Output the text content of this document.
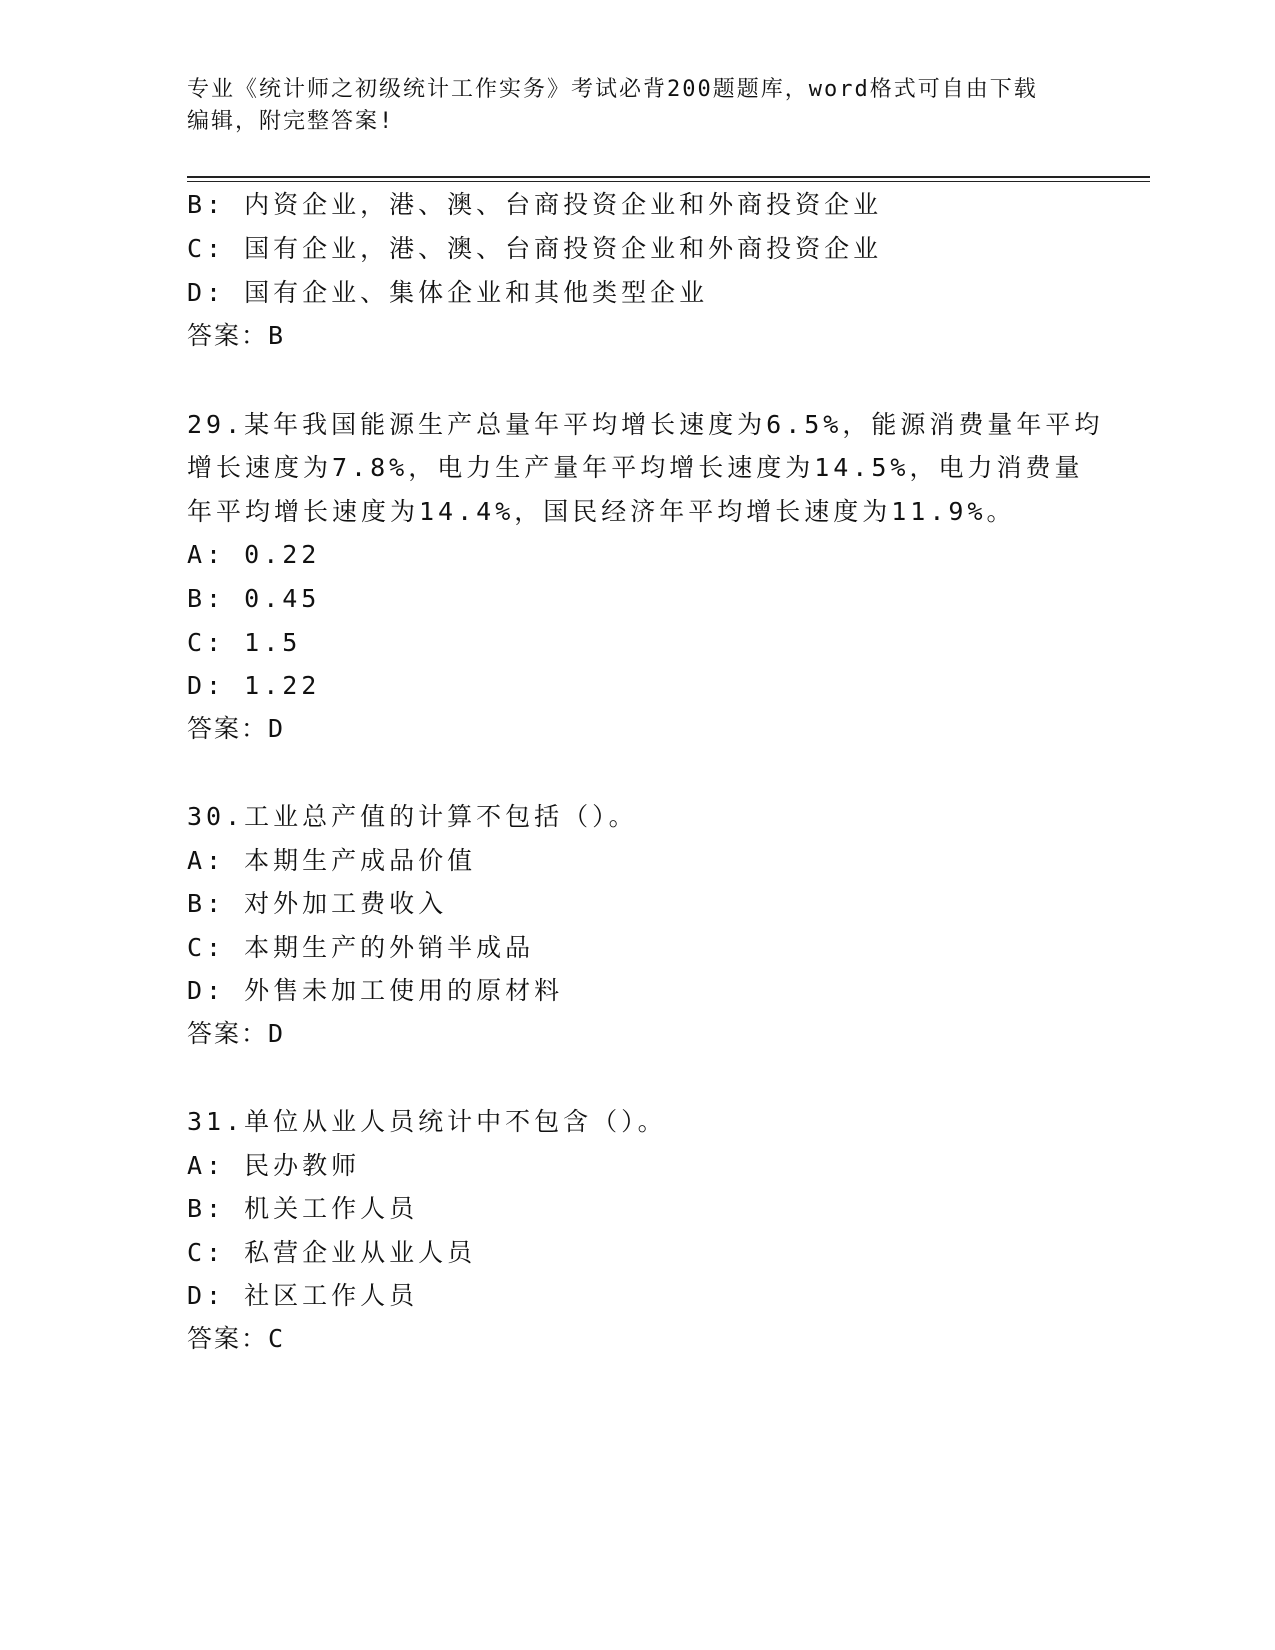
专业《统计师之初级统计工作实务》考试必背200题题库，word格式可自由下载
编辑，附完整答案!
B: 内资企业，港、澳、台商投资企业和外商投资企业
C: 国有企业，港、澳、台商投资企业和外商投资企业
D: 国有企业、集体企业和其他类型企业
答案：B
29.某年我国能源生产总量年平均增长速度为6.5%，能源消费量年平均
增长速度为7.8%，电力生产量年平均增长速度为14.5%，电力消费量
年平均增长速度为14.4%，国民经济年平均增长速度为11.9%。
A: 0.22
B: 0.45
C: 1.5
D: 1.22
答案：D
30.工业总产值的计算不包括（）。
A: 本期生产成品价值
B: 对外加工费收入
C: 本期生产的外销半成品
D: 外售未加工使用的原材料
答案：D
31.单位从业人员统计中不包含（）。
A: 民办教师
B: 机关工作人员
C: 私营企业从业人员
D: 社区工作人员
答案：C
